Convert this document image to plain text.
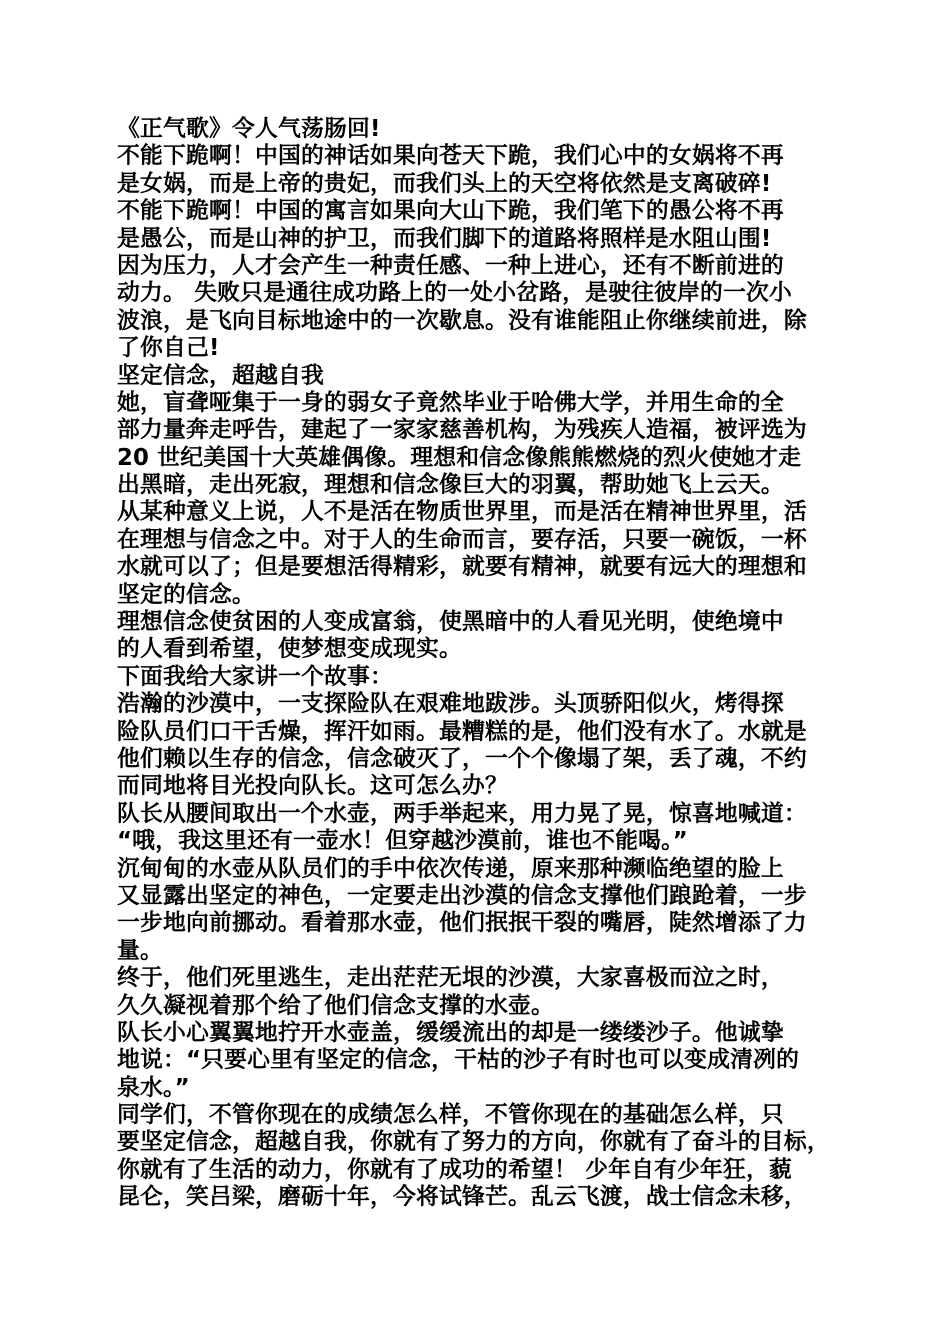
《正气歌》令人气荡肠回!
不能下跪啊！中国的神话如果向苍天下跪，我们心中的女娲将不再
是女娲，而是上帝的贵妃，而我们头上的天空将依然是支离破碎!
不能下跪啊！中国的寓言如果向大山下跪，我们笔下的愚公将不再
是愚公，而是山神的护卫，而我们脚下的道路将照样是水阻山围!
因为压力，人才会产生一种责任感、一种上进心，还有不断前进的
动力。 失败只是通往成功路上的一处小岔路，是驶往彼岸的一次小
波浪，是飞向目标地途中的一次歇息。没有谁能阻止你继续前进，除
了你自己!
坚定信念，超越自我
她，盲聋哑集于一身的弱女子竟然毕业于哈佛大学，并用生命的全
部力量奔走呼告，建起了一家家慈善机构，为残疾人造福，被评选为
20 世纪美国十大英雄偶像。理想和信念像熊熊燃烧的烈火使她才走
出黑暗，走出死寂，理想和信念像巨大的羽翼，帮助她飞上云天。
从某种意义上说，人不是活在物质世界里，而是活在精神世界里，活
在理想与信念之中。对于人的生命而言，要存活，只要一碗饭，一杯
水就可以了；但是要想活得精彩，就要有精神，就要有远大的理想和
坚定的信念。
理想信念使贫困的人变成富翁，使黑暗中的人看见光明，使绝境中
的人看到希望，使梦想变成现实。
下面我给大家讲一个故事：
浩瀚的沙漠中，一支探险队在艰难地跋涉。头顶骄阳似火，烤得探
险队员们口干舌燥，挥汗如雨。最糟糕的是，他们没有水了。水就是
他们赖以生存的信念，信念破灭了，一个个像塌了架，丢了魂，不约
而同地将目光投向队长。这可怎么办？
队长从腰间取出一个水壶，两手举起来，用力晃了晃，惊喜地喊道：
“哦，我这里还有一壶水！但穿越沙漠前，谁也不能喝。”
沉甸甸的水壶从队员们的手中依次传递，原来那种濒临绝望的脸上
又显露出坚定的神色，一定要走出沙漠的信念支撑他们踉跄着，一步
一步地向前挪动。看着那水壶，他们抿抿干裂的嘴唇，陡然增添了力
量。
终于，他们死里逃生，走出茫茫无垠的沙漠，大家喜极而泣之时，
久久凝视着那个给了他们信念支撑的水壶。
队长小心翼翼地拧开水壶盖，缓缓流出的却是一缕缕沙子。他诚挚
地说：“只要心里有坚定的信念，干枯的沙子有时也可以变成清冽的
泉水。”
同学们，不管你现在的成绩怎么样，不管你现在的基础怎么样，只
要坚定信念，超越自我，你就有了努力的方向，你就有了奋斗的目标，
你就有了生活的动力，你就有了成功的希望！ 少年自有少年狂，藐
昆仑，笑吕梁，磨砺十年，今将试锋芒。乱云飞渡，战士信念未移，
